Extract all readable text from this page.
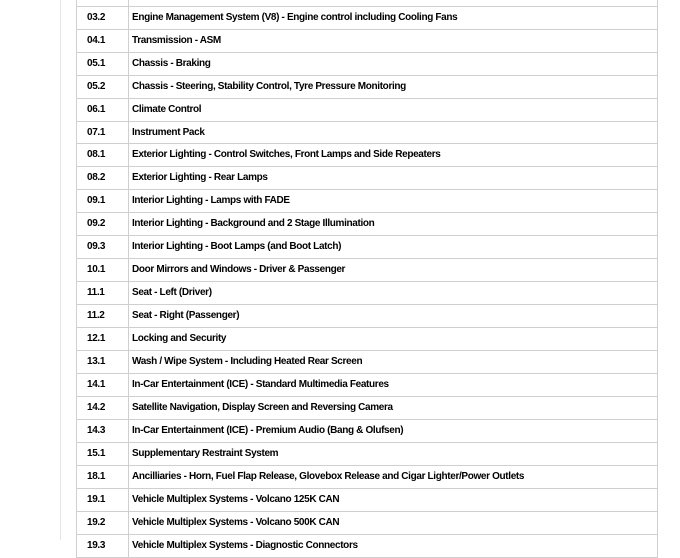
03.2	Engine Management System (V8) - Engine control including Cooling Fans
04.1	Transmission - ASM
05.1	Chassis - Braking
05.2	Chassis - Steering, Stability Control, Tyre Pressure Monitoring
06.1	Climate Control
07.1	Instrument Pack
08.1	Exterior Lighting - Control Switches, Front Lamps and Side Repeaters
08.2	Exterior Lighting - Rear Lamps
09.1	Interior Lighting - Lamps with FADE
09.2	Interior Lighting - Background and 2 Stage Illumination
09.3	Interior Lighting - Boot Lamps (and Boot Latch)
10.1	Door Mirrors and Windows - Driver & Passenger
11.1	Seat - Left (Driver)
11.2	Seat - Right (Passenger)
12.1	Locking and Security
13.1	Wash / Wipe System - Including Heated Rear Screen
14.1	In-Car Entertainment (ICE) - Standard Multimedia Features
14.2	Satellite Navigation, Display Screen and Reversing Camera
14.3	In-Car Entertainment (ICE) - Premium Audio (Bang & Olufsen)
15.1	Supplementary Restraint System
18.1	Ancilliaries - Horn, Fuel Flap Release, Glovebox Release and Cigar Lighter/Power Outlets
19.1	Vehicle Multiplex Systems - Volcano 125K CAN
19.2	Vehicle Multiplex Systems - Volcano 500K CAN
19.3	Vehicle Multiplex Systems - Diagnostic Connectors
